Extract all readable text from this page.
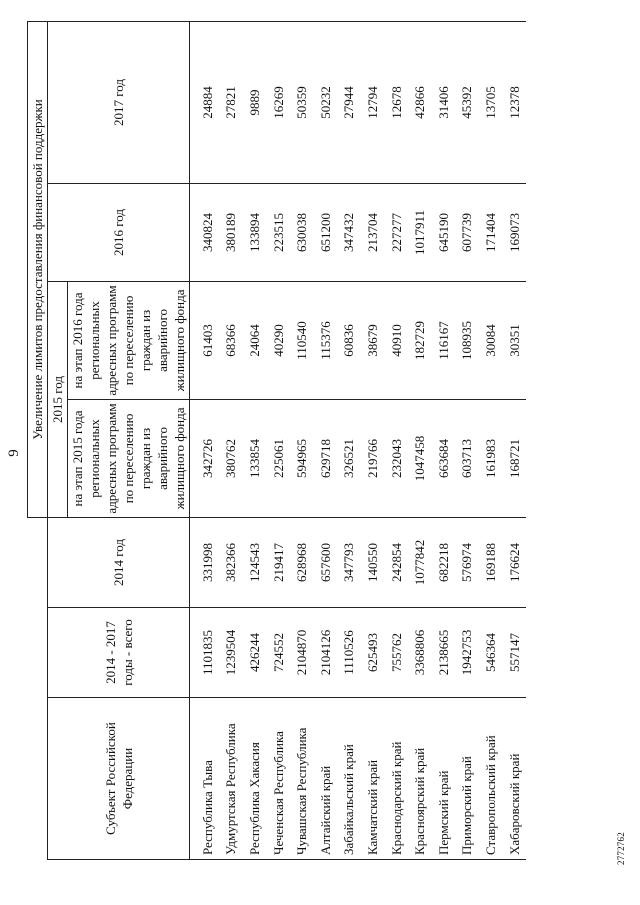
9
			Увеличение лимитов предоставления финансовой поддержки			
Субъект Российской Федерации	2014 - 2017 годы - всего	2014 год	2015 год		2016 год	2017 год
			на этап 2015 года региональных адресных программ по переселению граждан из аварийного жилищного фонда	на этап 2016 года региональных адресных программ по переселению граждан из аварийного жилищного фонда		
Республика Тыва	1101835	331998	342726	61403	340824	24884
Удмуртская Республика	1239504	382366	380762	68366	380189	27821
Республика Хакасия	426244	124543	133854	24064	133894	9889
Чеченская Республика	724552	219417	225061	40290	223515	16269
Чувашская Республика	2104870	628968	594965	110540	630038	50359
Алтайский край	2104126	657600	629718	115376	651200	50232
Забайкальский край	1110526	347793	326521	60836	347432	27944
Камчатский край	625493	140550	219766	38679	213704	12794
Краснодарский край	755762	242854	232043	40910	227277	12678
Красноярский край	3368806	1077842	1047458	182729	1017911	42866
Пермский край	2138665	682218	663684	116167	645190	31406
Приморский край	1942753	576974	603713	108935	607739	45392
Ставропольский край	546364	169188	161983	30084	171404	13705
Хабаровский край	557147	176624	168721	30351	169073	12378
2772762
